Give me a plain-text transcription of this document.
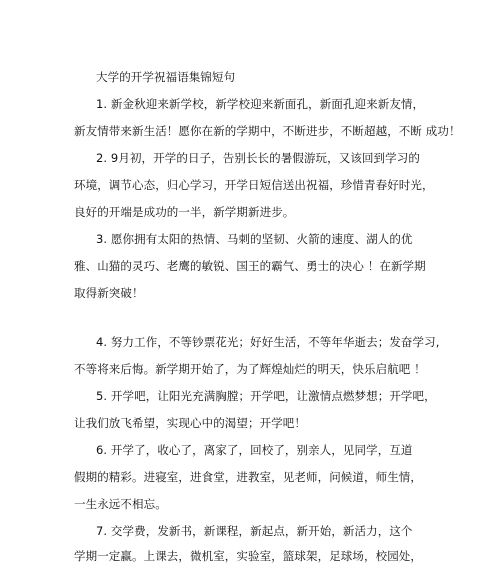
大学的开学祝福语集锦短句
1. 新金秋迎来新学校，新学校迎来新面孔，新面孔迎来新友情，
新友情带来新生活！愿你在新的学期中，不断进步，不断超越，不断 成功！
2. 9月初，开学的日子，告别长长的暑假游玩，又该回到学习的
环境，调节心态，归心学习，开学日短信送出祝福，珍惜青春好时光，
良好的开端是成功的一半，新学期新进步。
3. 愿你拥有太阳的热情、马刺的坚韧、火箭的速度、湖人的优
雅、山猫的灵巧、老鹰的敏锐、国王的霸气、勇士的决心 ！在新学期
取得新突破！
4. 努力工作，不等钞票花光；好好生活，不等年华逝去；发奋学习,
不等将来后悔。新学期开始了，为了辉煌灿烂的明天，快乐启航吧 ！
5. 开学吧，让阳光充满胸膛；开学吧，让激情点燃梦想；开学吧，
让我们放飞希望，实现心中的渴望；开学吧！
6. 开学了，收心了，离家了，回校了，别亲人，见同学，互道
假期的精彩。进寝室，进食堂，进教室，见老师，问候道，师生情，
一生永远不相忘。
7. 交学费，发新书，新课程，新起点，新开始，新活力，这个
学期一定赢。上课去，微机室，实验室，篮球架，足球场，校园处，
